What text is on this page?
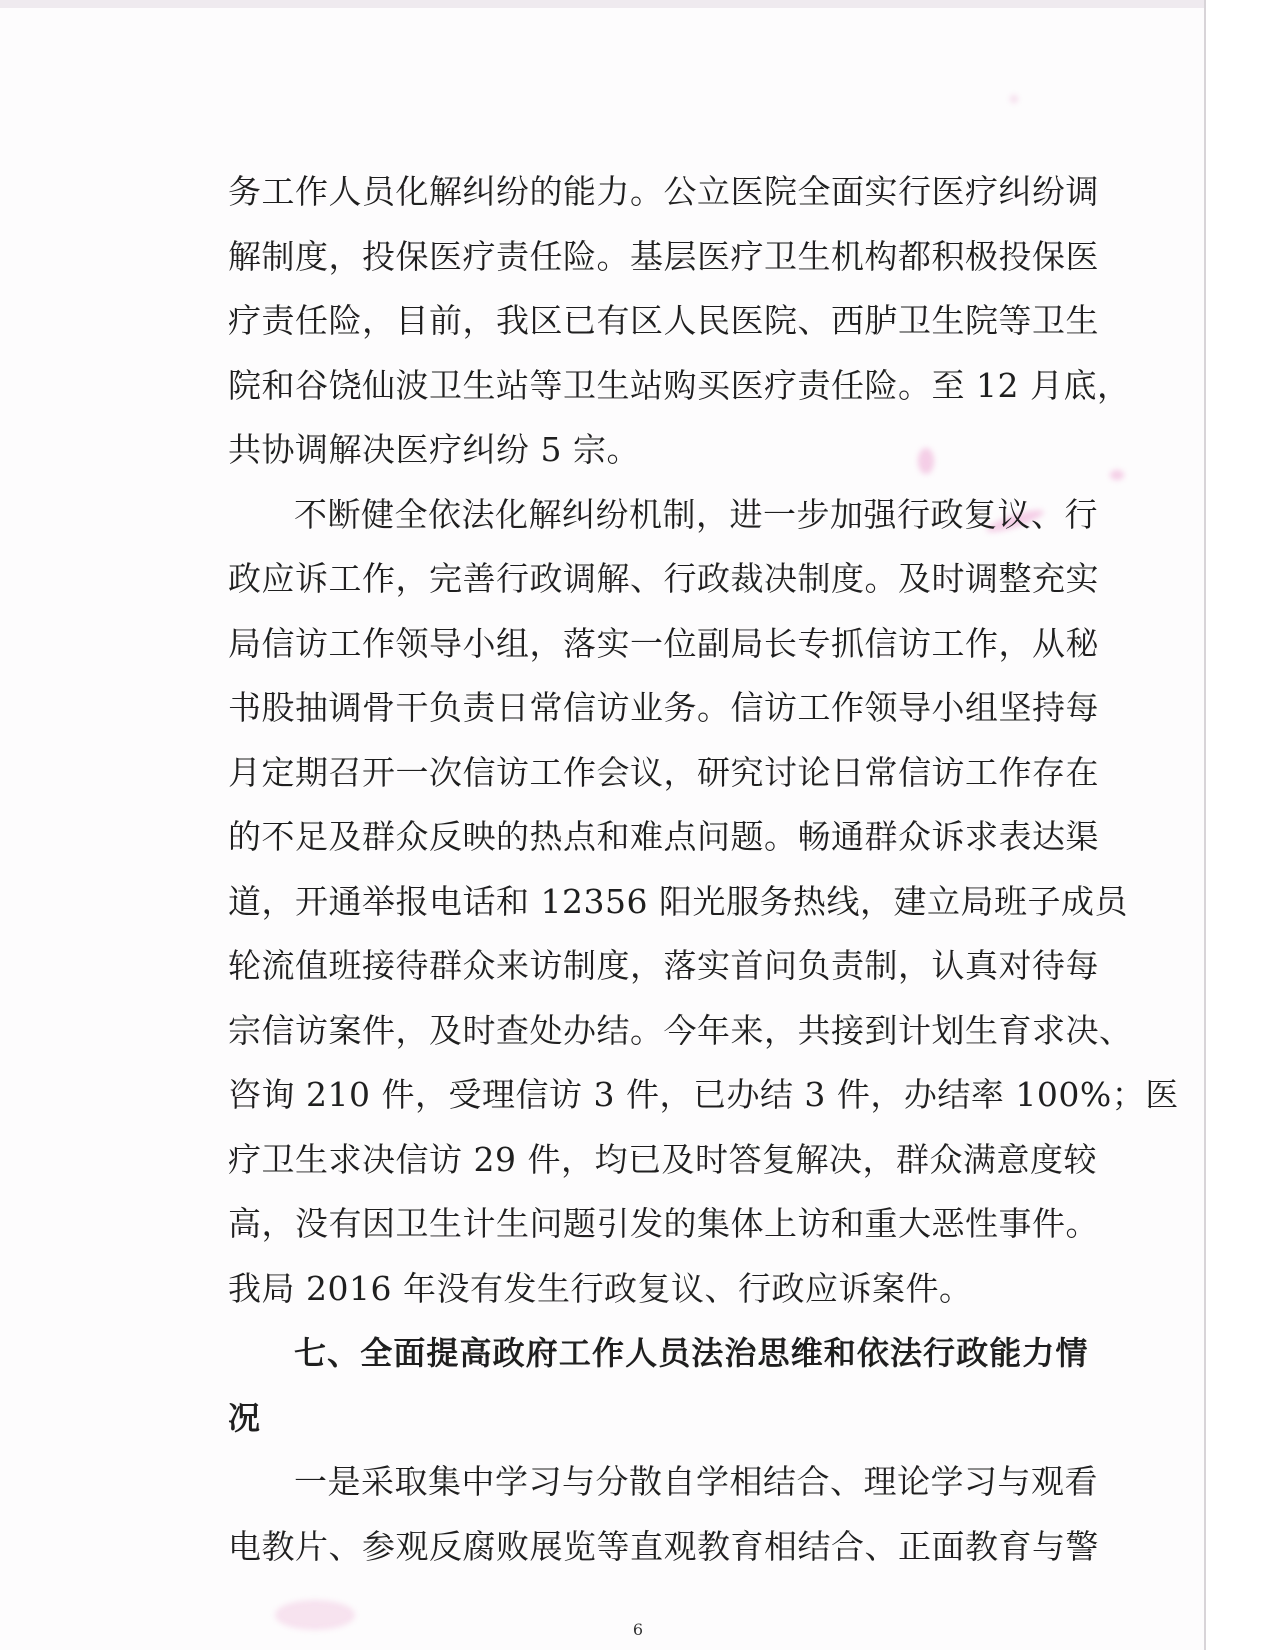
务工作人员化解纠纷的能力。公立医院全面实行医疗纠纷调
解制度，投保医疗责任险。基层医疗卫生机构都积极投保医
疗责任险，目前，我区已有区人民医院、西胪卫生院等卫生
院和谷饶仙波卫生站等卫生站购买医疗责任险。至 12 月底，
共协调解决医疗纠纷 5 宗。
不断健全依法化解纠纷机制，进一步加强行政复议、行
政应诉工作，完善行政调解、行政裁决制度。及时调整充实
局信访工作领导小组，落实一位副局长专抓信访工作，从秘
书股抽调骨干负责日常信访业务。信访工作领导小组坚持每
月定期召开一次信访工作会议，研究讨论日常信访工作存在
的不足及群众反映的热点和难点问题。畅通群众诉求表达渠
道，开通举报电话和 12356 阳光服务热线，建立局班子成员
轮流值班接待群众来访制度，落实首问负责制，认真对待每
宗信访案件，及时查处办结。今年来，共接到计划生育求决、
咨询 210 件，受理信访 3 件，已办结 3 件，办结率 100%；医
疗卫生求决信访 29 件，均已及时答复解决，群众满意度较
高，没有因卫生计生问题引发的集体上访和重大恶性事件。
我局 2016 年没有发生行政复议、行政应诉案件。
七、全面提高政府工作人员法治思维和依法行政能力情
况
一是采取集中学习与分散自学相结合、理论学习与观看
电教片、参观反腐败展览等直观教育相结合、正面教育与警
6
